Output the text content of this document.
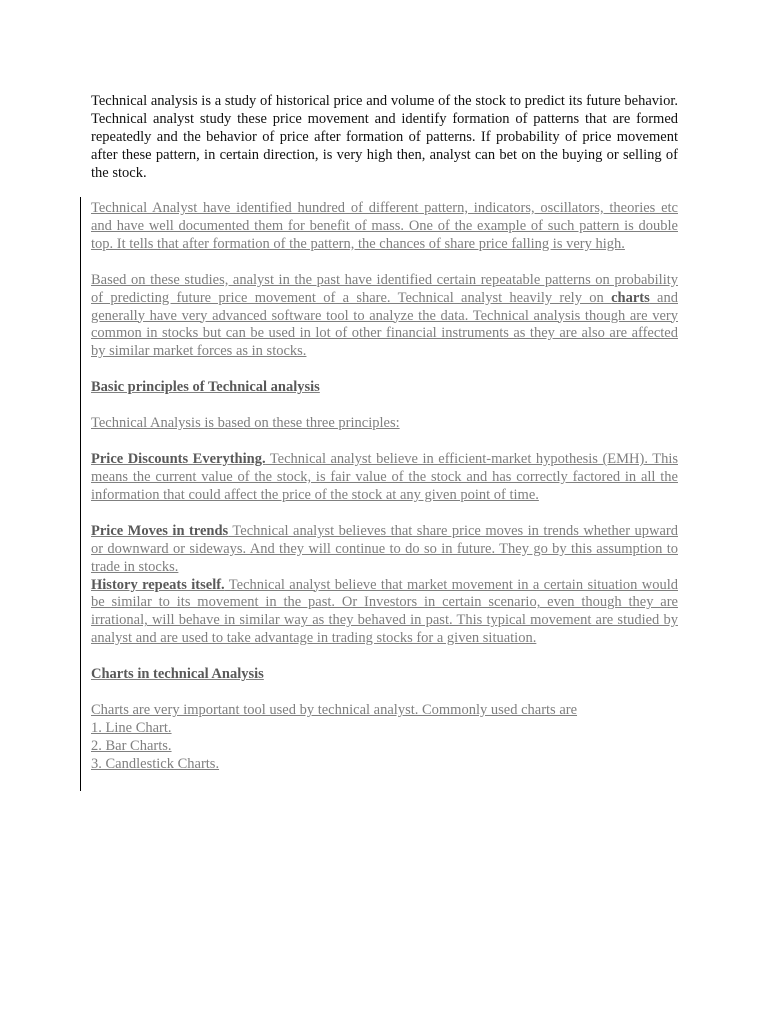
Technical analysis is a study of historical price and volume of the stock to predict its future behavior. Technical analyst study these price movement and identify formation of patterns that are formed repeatedly and the behavior of price after formation of patterns. If probability of price movement after these pattern, in certain direction, is very high then, analyst can bet on the buying or selling of the stock.

Technical Analyst have identified hundred of different pattern, indicators, oscillators, theories etc and have well documented them for benefit of mass. One of the example of such pattern is double top. It tells that after formation of the pattern, the chances of share price falling is very high.

Based on these studies, analyst in the past have identified certain repeatable patterns on probability of predicting future price movement of a share. Technical analyst heavily rely on charts and generally have very advanced software tool to analyze the data. Technical analysis though are very common in stocks but can be used in lot of other financial instruments as they are also are affected by similar market forces as in stocks.

Basic principles of Technical analysis

Technical Analysis is based on these three principles:

Price Discounts Everything. Technical analyst believe in efficient-market hypothesis (EMH). This means the current value of the stock, is fair value of the stock and has correctly factored in all the information that could affect the price of the stock at any given point of time.

Price Moves in trends Technical analyst believes that share price moves in trends whether upward or downward or sideways. And they will continue to do so in future. They go by this assumption to trade in stocks.

History repeats itself. Technical analyst believe that market movement in a certain situation would be similar to its movement in the past. Or Investors in certain scenario, even though they are irrational, will behave in similar way as they behaved in past. This typical movement are studied by analyst and are used to take advantage in trading stocks for a given situation.

Charts in technical Analysis

Charts are very important tool used by technical analyst. Commonly used charts are

1. Line Chart.

2. Bar Charts.

3. Candlestick Charts.
